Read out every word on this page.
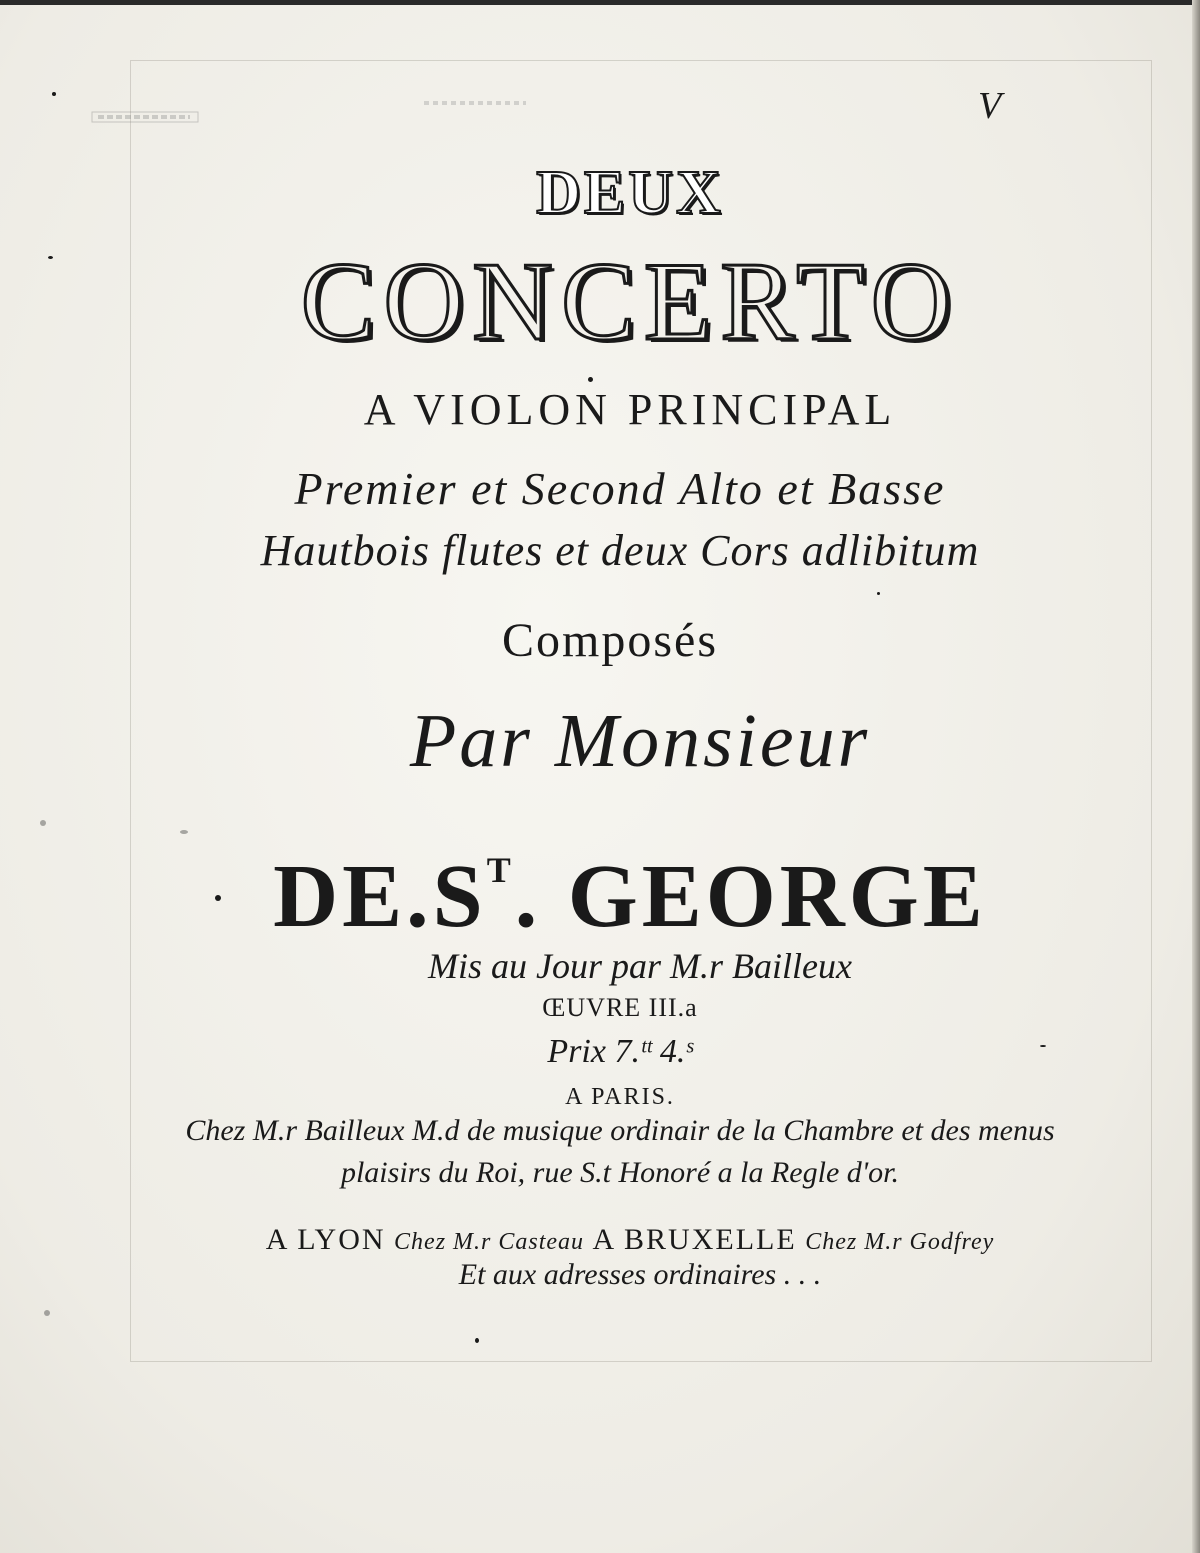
V
DEUX
CONCERTO
A VIOLON PRINCIPAL
Premier et Second Alto et Basse
Hautbois flutes et deux Cors adlibitum
Composés
Par Monsieur
$DE.S^T$. GEORGE
Mis au Jour par M.r Bailleux
ŒUVRE III.a
Prix 7.ᵗᵗ 4.ˢ
A PARIS.
Chez M.r Bailleux M.d de musique ordinair de la Chambre et des menus
plaisirs du Roi, rue S.t Honoré a la Regle d'or.
A LYON Chez M.r Casteau A BRUXELLE Chez M.r Godfrey
Et aux adresses ordinaires . . .
